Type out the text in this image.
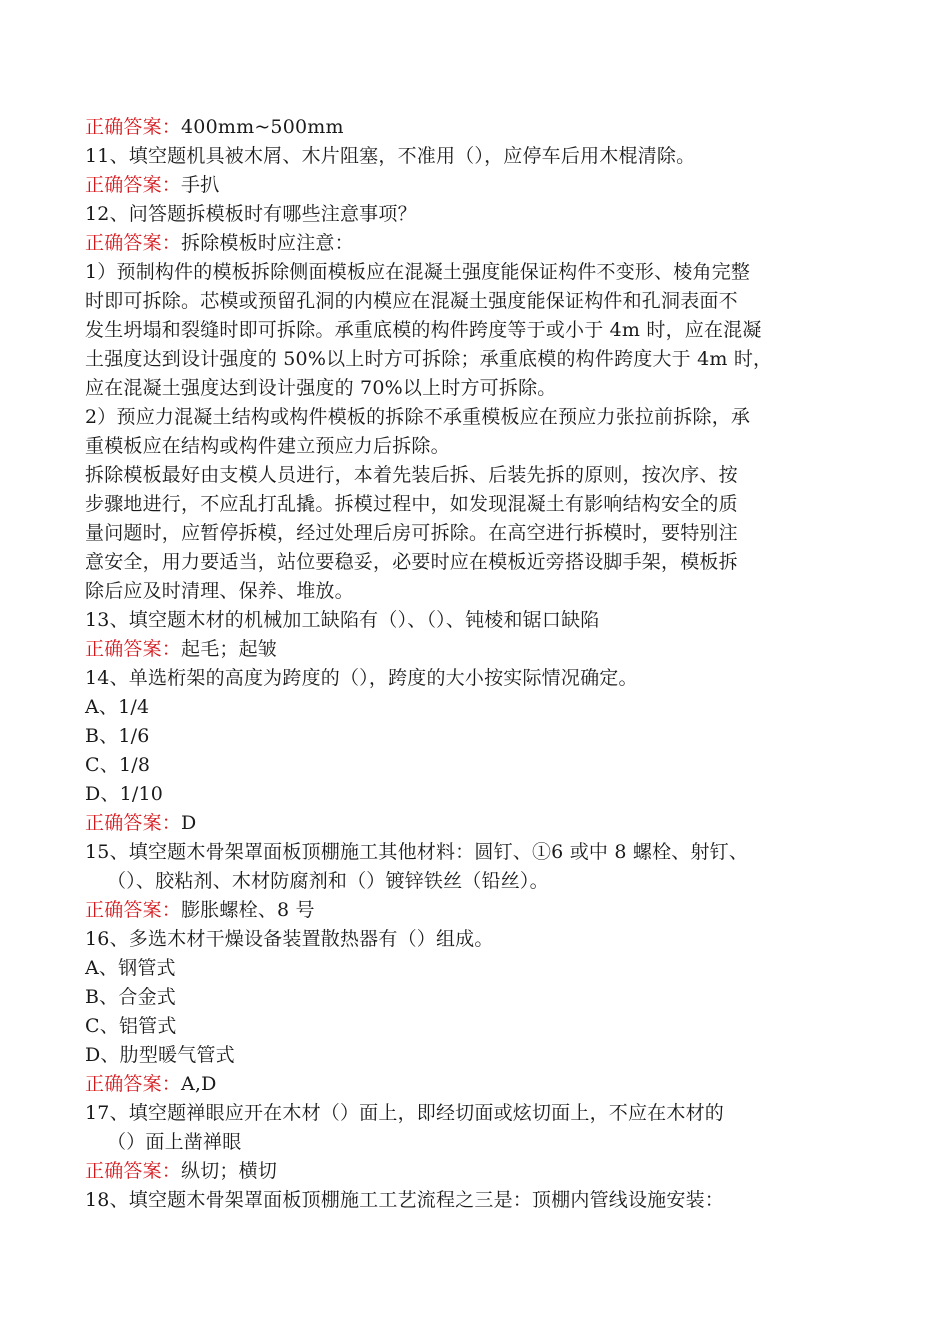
正确答案：400mm~500mm
11、填空题机具被木屑、木片阻塞，不准用（），应停车后用木棍清除。
正确答案：手扒
12、问答题拆模板时有哪些注意事项？
正确答案：拆除模板时应注意：
1）预制构件的模板拆除侧面模板应在混凝土强度能保证构件不变形、棱角完整
时即可拆除。芯模或预留孔洞的内模应在混凝土强度能保证构件和孔洞表面不
发生坍塌和裂缝时即可拆除。承重底模的构件跨度等于或小于 4m 时，应在混凝
土强度达到设计强度的 50%以上时方可拆除；承重底模的构件跨度大于 4m 时，
应在混凝土强度达到设计强度的 70%以上时方可拆除。
2）预应力混凝土结构或构件模板的拆除不承重模板应在预应力张拉前拆除，承
重模板应在结构或构件建立预应力后拆除。
拆除模板最好由支模人员进行，本着先装后拆、后装先拆的原则，按次序、按
步骤地进行，不应乱打乱撬。拆模过程中，如发现混凝土有影响结构安全的质
量问题时，应暂停拆模，经过处理后房可拆除。在高空进行拆模时，要特别注
意安全，用力要适当，站位要稳妥，必要时应在模板近旁搭设脚手架，模板拆
除后应及时清理、保养、堆放。
13、填空题木材的机械加工缺陷有（）、（）、钝棱和锯口缺陷
正确答案：起毛；起皱
14、单选桁架的高度为跨度的（），跨度的大小按实际情况确定。
A、1/4
B、1/6
C、1/8
D、1/10
正确答案：D
15、填空题木骨架罩面板顶棚施工其他材料：圆钉、①6 或中 8 螺栓、射钉、
（）、胶粘剂、木材防腐剂和（）镀锌铁丝（铅丝）。
正确答案：膨胀螺栓、8 号
16、多选木材干燥设备装置散热器有（）组成。
A、钢管式
B、合金式
C、铝管式
D、肋型暖气管式
正确答案：A,D
17、填空题禅眼应开在木材（）面上，即经切面或炫切面上，不应在木材的
（）面上凿禅眼
正确答案：纵切；横切
18、填空题木骨架罩面板顶棚施工工艺流程之三是：顶棚内管线设施安装：
